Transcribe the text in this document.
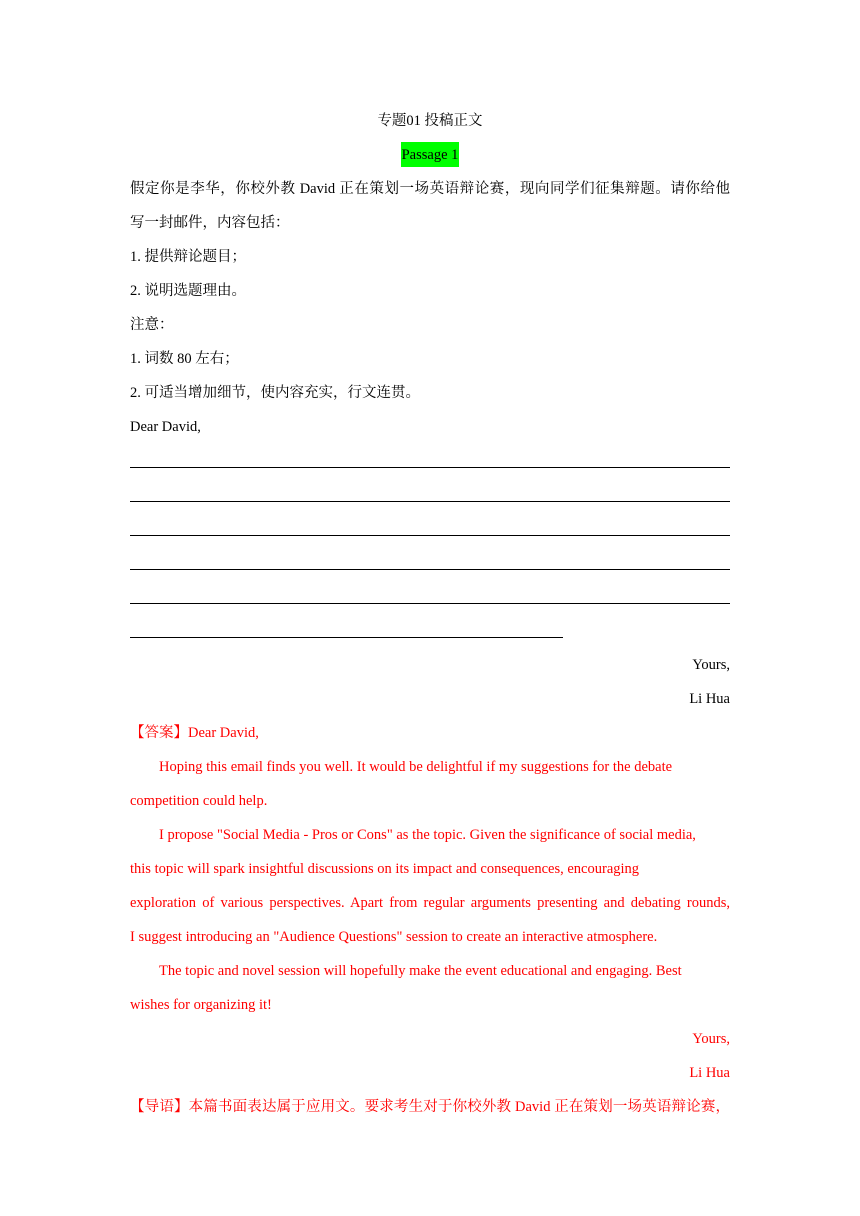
专题01 投稿正文
Passage 1
假定你是李华，你校外教 David 正在策划一场英语辩论赛，现向同学们征集辩题。请你给他
写一封邮件，内容包括：
1. 提供辩论题目；
2. 说明选题理由。
注意：
1. 词数 80 左右；
2. 可适当增加细节，使内容充实，行文连贯。
Dear David,
Yours,
Li Hua
【答案】Dear David,
Hoping this email finds you well. It would be delightful if my suggestions for the debate
competition could help.
I propose "Social Media - Pros or Cons" as the topic. Given the significance of social media,
this topic will spark insightful discussions on its impact and consequences, encouraging
exploration of various perspectives. Apart from regular arguments presenting and debating rounds,
I suggest introducing an "Audience Questions" session to create an interactive atmosphere.
The topic and novel session will hopefully make the event educational and engaging. Best
wishes for organizing it!
Yours,
Li Hua
【导语】本篇书面表达属于应用文。要求考生对于你校外教 David 正在策划一场英语辩论赛，
